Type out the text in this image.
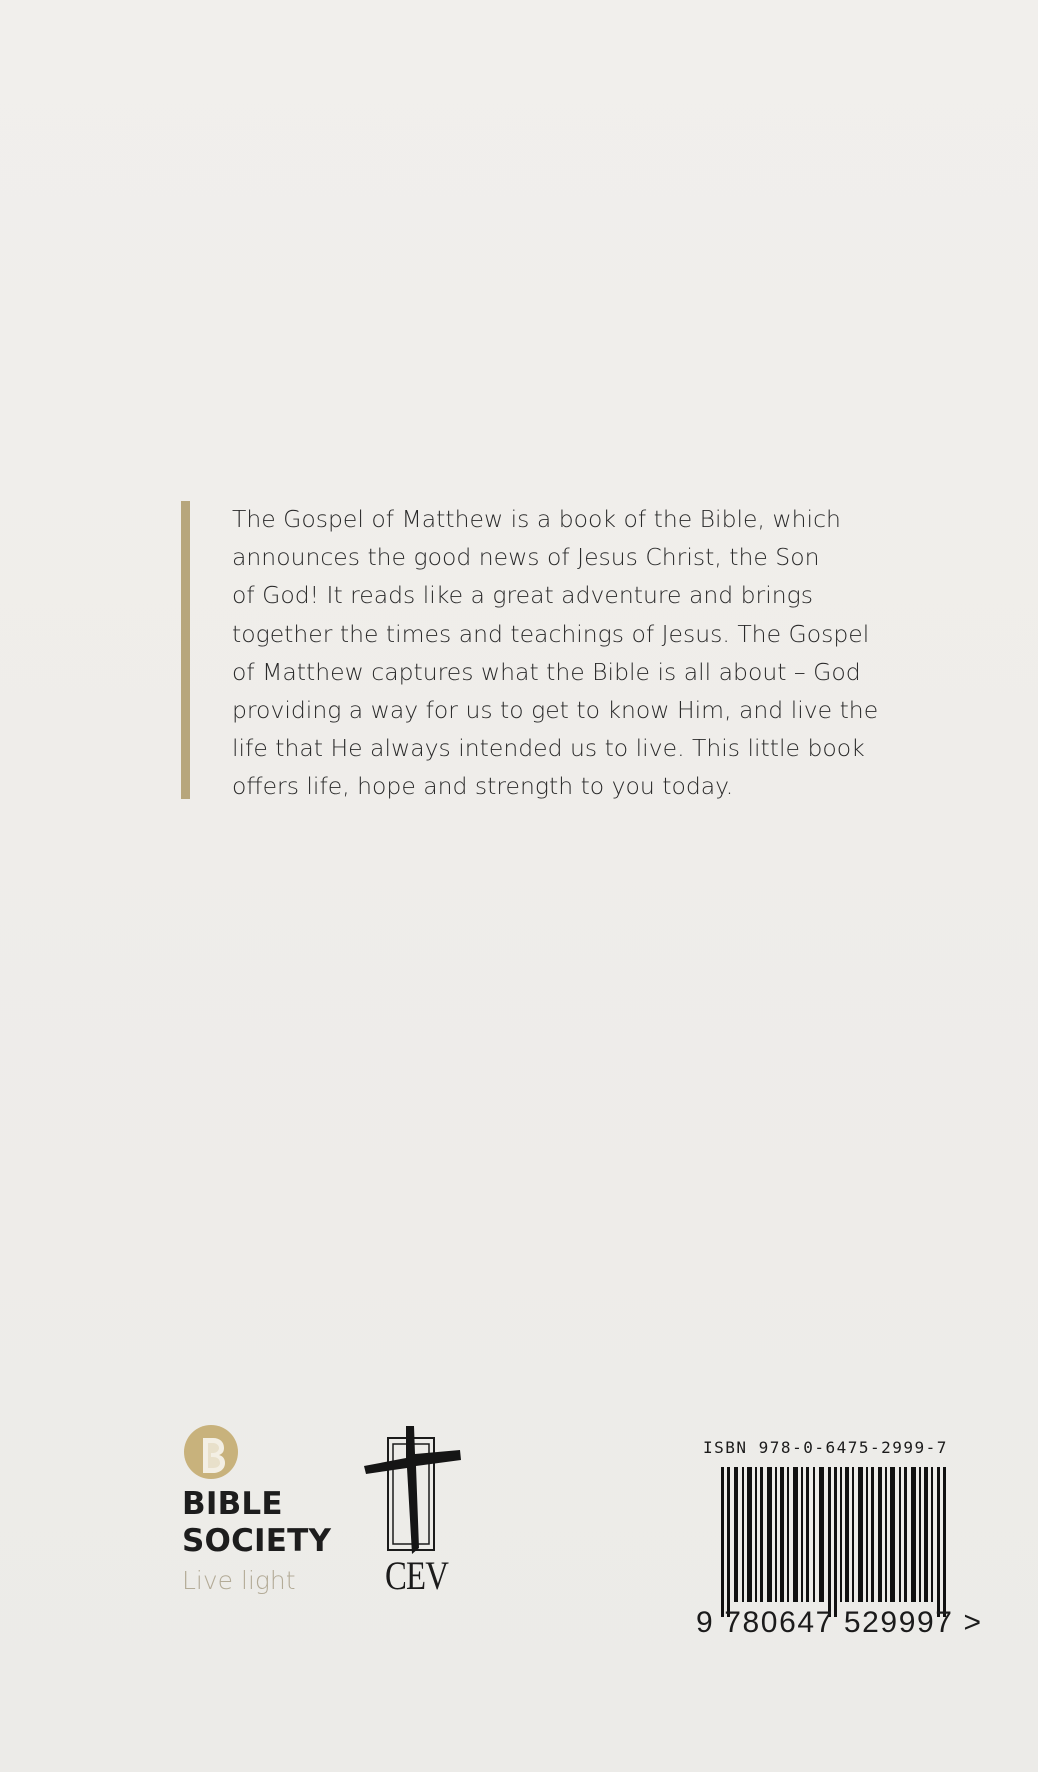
The Gospel of Matthew is a book of the Bible, which
announces the good news of Jesus Christ, the Son
of God! It reads like a great adventure and brings
together the times and teachings of Jesus. The Gospel
of Matthew captures what the Bible is all about – God
providing a way for us to get to know Him, and live the
life that He always intended us to live. This little book
offers life, hope and strength to you today.

BIBLE
SOCIETY
Live light CEV
ISBN 978-0-6475-2999-7
9 780647 529997 >
